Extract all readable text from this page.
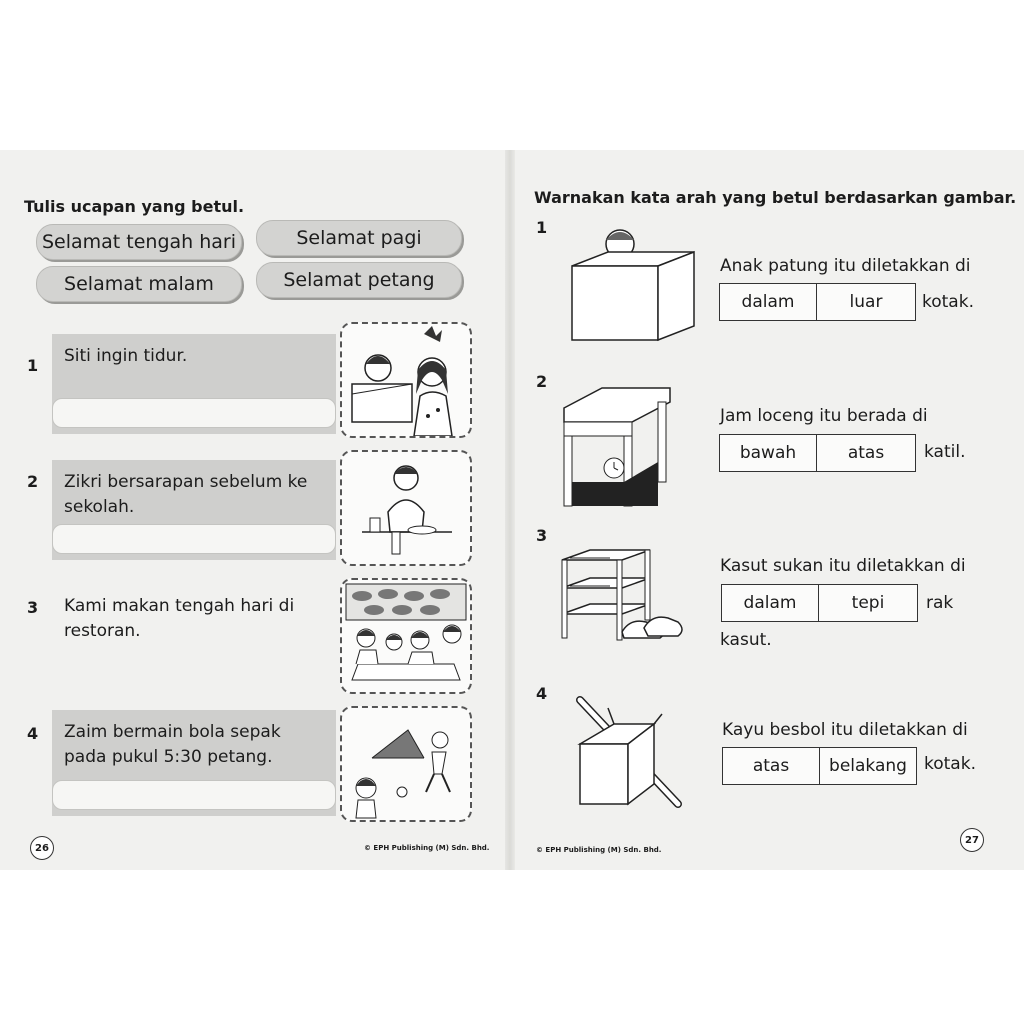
Tulis ucapan yang betul.
Selamat tengah hari	Selamat pagi
Selamat malam	Selamat petang
1 Siti ingin tidur.
2 Zikri bersarapan sebelum ke sekolah.
3 Kami makan tengah hari di restoran.
4 Zaim bermain bola sepak pada pukul 5:30 petang.
26	© EPH Publishing (M) Sdn. Bhd.
Warnakan kata arah yang betul berdasarkan gambar.
1
Anak patung itu diletakkan di
dalam	luar	kotak.
2
Jam loceng itu berada di
bawah	atas	katil.
3
Kasut sukan itu diletakkan di
dalam	tepi	rak
kasut.
4
Kayu besbol itu diletakkan di
atas	belakang	kotak.
© EPH Publishing (M) Sdn. Bhd.
27
